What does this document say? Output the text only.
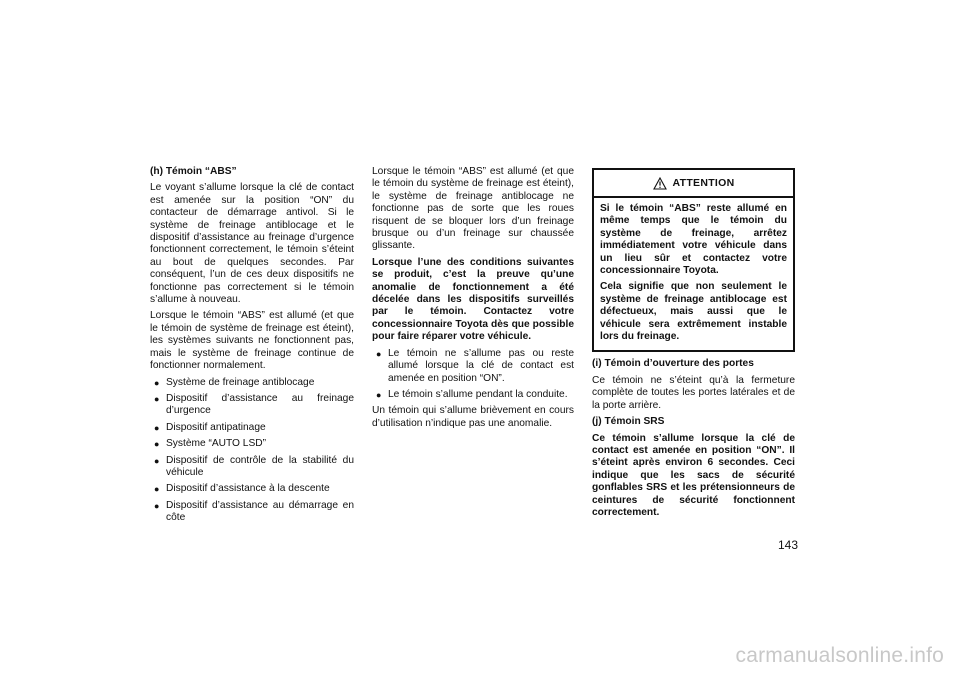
(h) Témoin “ABS”

Le voyant s’allume lorsque la clé de contact est amenée sur la position “ON” du contacteur de démarrage antivol. Si le système de freinage antiblocage et le dispositif d’assistance au freinage d’urgence fonctionnent correctement, le témoin s’éteint au bout de quelques secondes. Par conséquent, l’un de ces deux dispositifs ne fonctionne pas correctement si le témoin s’allume à nouveau.

Lorsque le témoin “ABS” est allumé (et que le témoin de système de freinage est éteint), les systèmes suivants ne fonctionnent pas, mais le système de freinage continue de fonctionner normalement.

● Système de freinage antiblocage
● Dispositif d’assistance au freinage d’urgence
● Dispositif antipatinage
● Système “AUTO LSD”
● Dispositif de contrôle de la stabilité du véhicule
● Dispositif d’assistance à la descente
● Dispositif d’assistance au démarrage en côte

Lorsque le témoin “ABS” est allumé (et que le témoin du système de freinage est éteint), le système de freinage antiblocage ne fonctionne pas de sorte que les roues risquent de se bloquer lors d’un freinage brusque ou d’un freinage sur chaussée glissante.

Lorsque l’une des conditions suivantes se produit, c’est la preuve qu’une anomalie de fonctionnement a été décelée dans les dispositifs surveillés par le témoin. Contactez votre concessionnaire Toyota dès que possible pour faire réparer votre véhicule.

● Le témoin ne s’allume pas ou reste allumé lorsque la clé de contact est amenée en position “ON”.
● Le témoin s’allume pendant la conduite.

Un témoin qui s’allume brièvement en cours d’utilisation n’indique pas une anomalie.

ATTENTION

Si le témoin “ABS” reste allumé en même temps que le témoin du système de freinage, arrêtez immédiatement votre véhicule dans un lieu sûr et contactez votre concessionnaire Toyota.

Cela signifie que non seulement le système de freinage antiblocage est défectueux, mais aussi que le véhicule sera extrêmement instable lors du freinage.

(i) Témoin d’ouverture des portes

Ce témoin ne s’éteint qu’à la fermeture complète de toutes les portes latérales et de la porte arrière.

(j) Témoin SRS

Ce témoin s’allume lorsque la clé de contact est amenée en position “ON”. Il s’éteint après environ 6 secondes. Ceci indique que les sacs de sécurité gonflables SRS et les prétensionneurs de ceintures de sécurité fonctionnent correctement.

143
carmanualsonline.info
